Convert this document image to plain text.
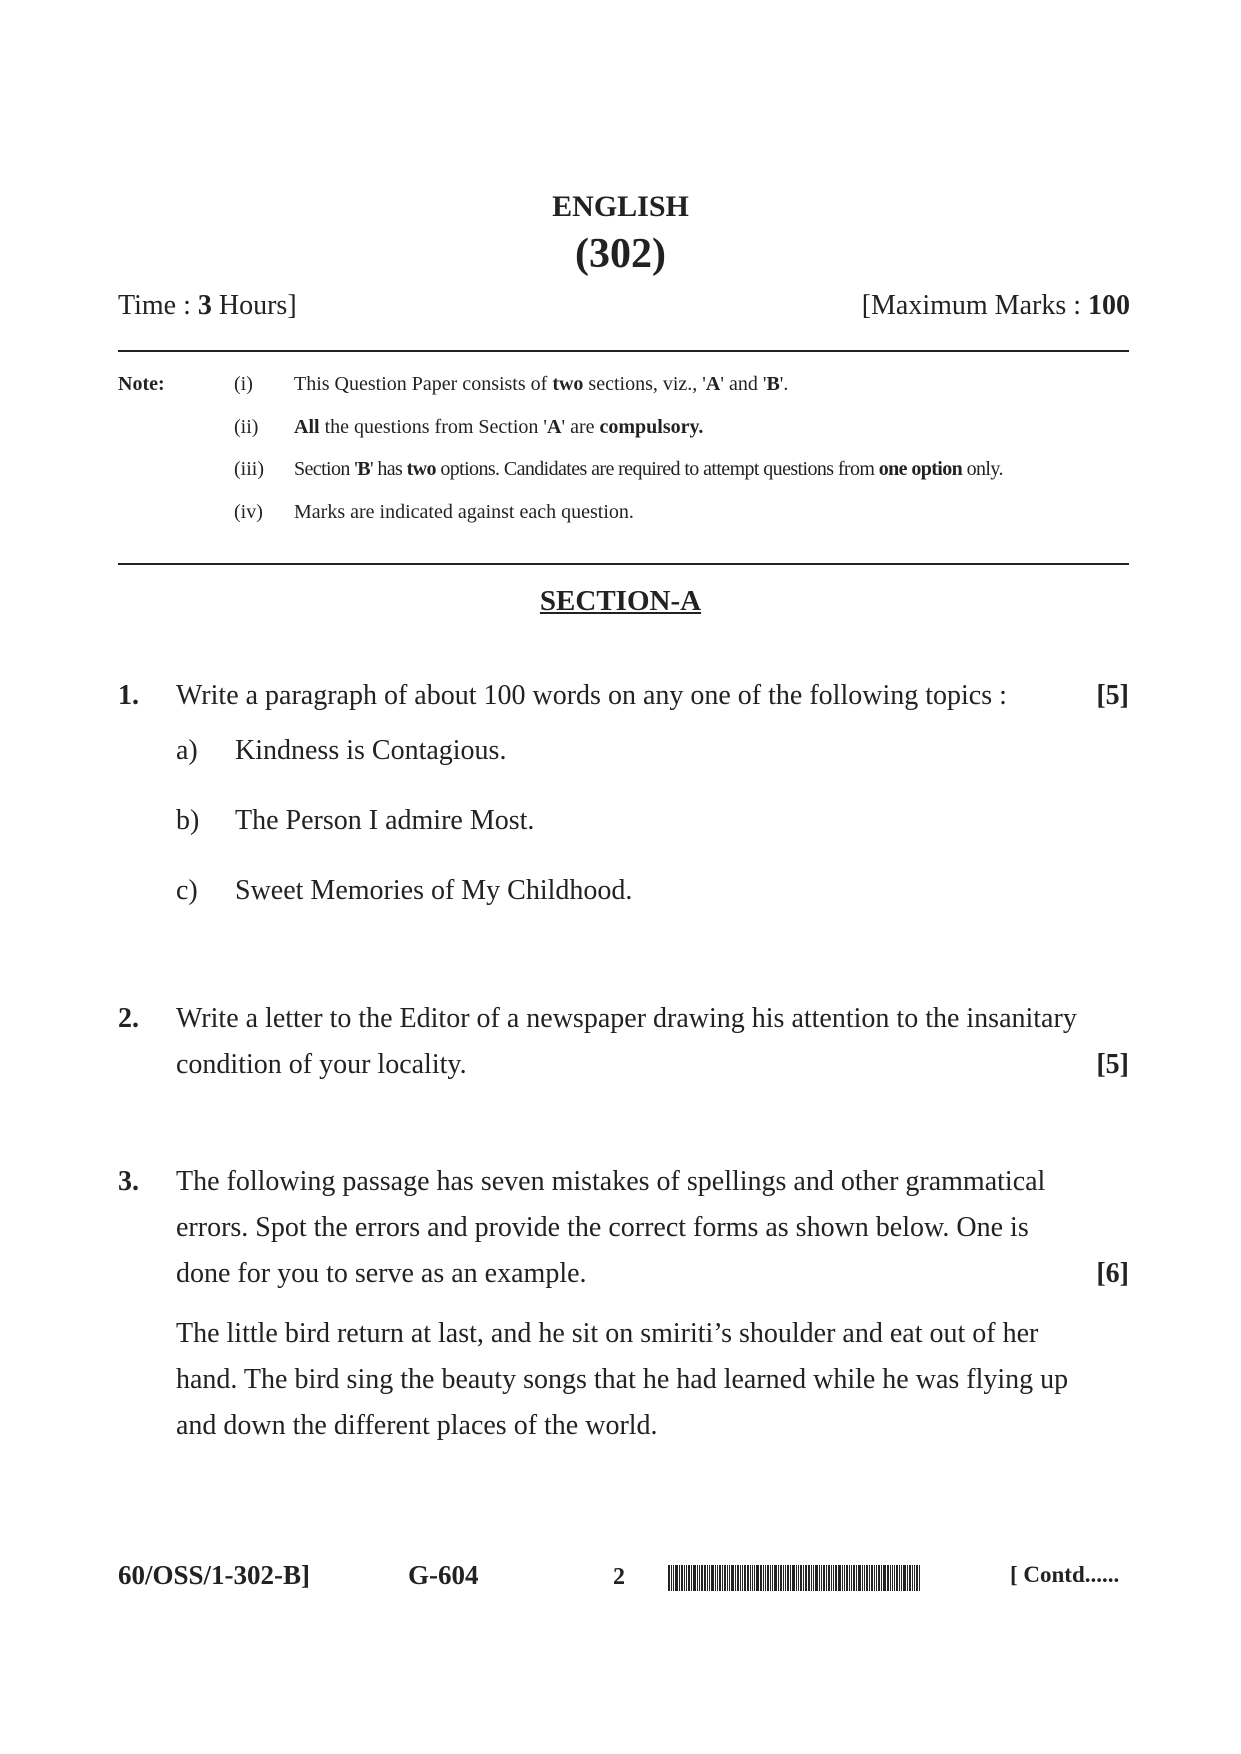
ENGLISH
(302)
Time : 3 Hours]	[Maximum Marks : 100
Note:	(i) This Question Paper consists of two sections, viz., 'A' and 'B'.
(ii) All the questions from Section 'A' are compulsory.
(iii) Section 'B' has two options. Candidates are required to attempt questions from one option only.
(iv) Marks are indicated against each question.
SECTION-A
1. Write a paragraph of about 100 words on any one of the following topics :	[5]
a) Kindness is Contagious.
b) The Person I admire Most.
c) Sweet Memories of My Childhood.
2. Write a letter to the Editor of a newspaper drawing his attention to the insanitary
condition of your locality.	[5]
3. The following passage has seven mistakes of spellings and other grammatical
errors. Spot the errors and provide the correct forms as shown below. One is
done for you to serve as an example.	[6]
The little bird return at last, and he sit on smiriti’s shoulder and eat out of her
hand. The bird sing the beauty songs that he had learned while he was flying up
and down the different places of the world.
60/OSS/1-302-B]	G-604	2	[ Contd......
